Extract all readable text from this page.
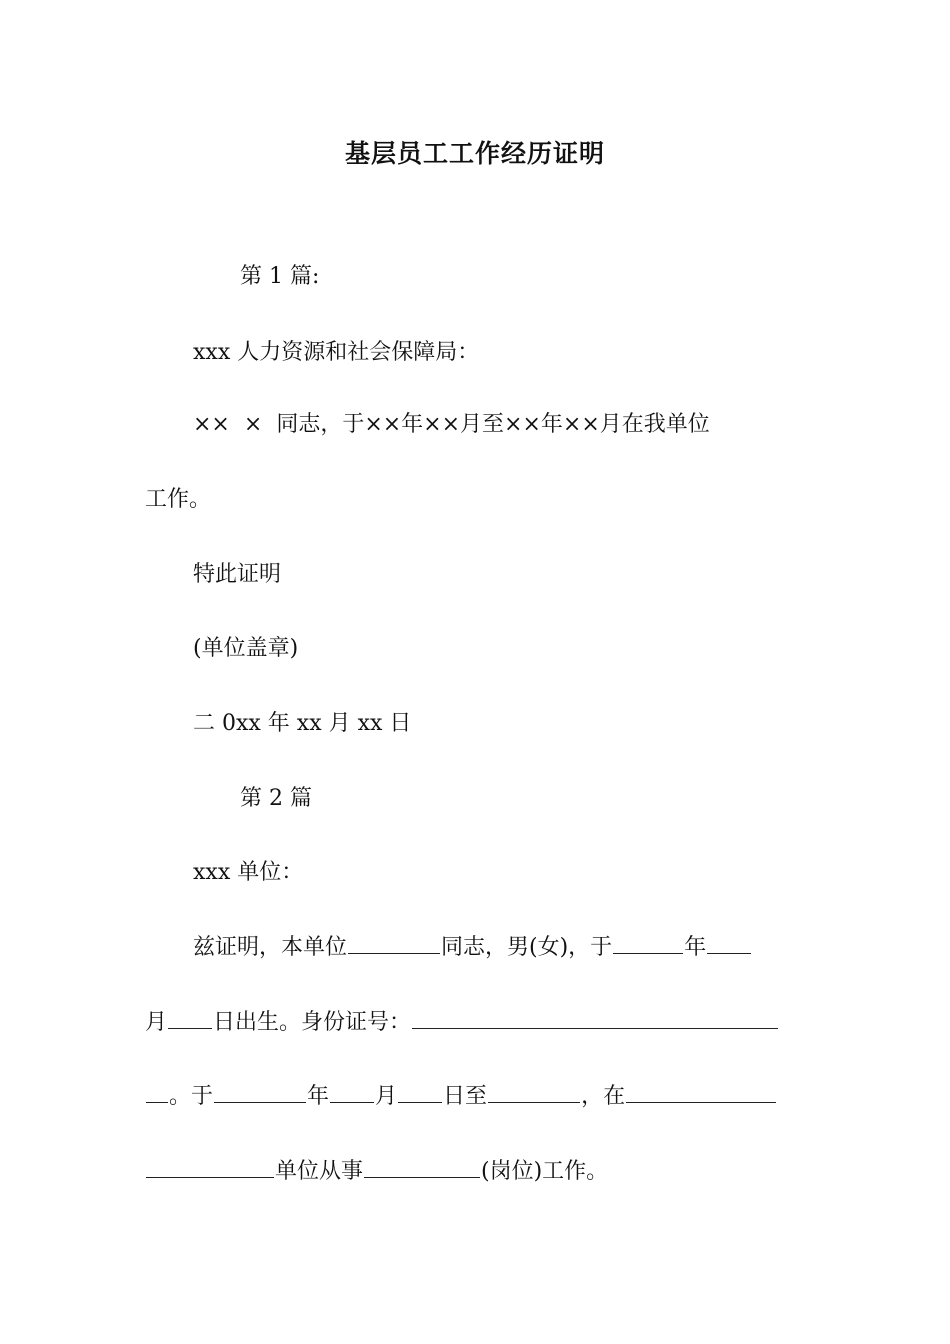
基层员工工作经历证明
第 1 篇:
xxx 人力资源和社会保障局：
×× × 同志，于××年××月至××年××月在我单位
工作。
特此证明
(单位盖章)
二 0xx 年 xx 月 xx 日
第 2 篇
xxx 单位：
兹证明，本单位	同志，男(女)，于	年
月 日出生。身份证号：
。于	年 月 日至	，在
单位从事	(岗位)工作。
